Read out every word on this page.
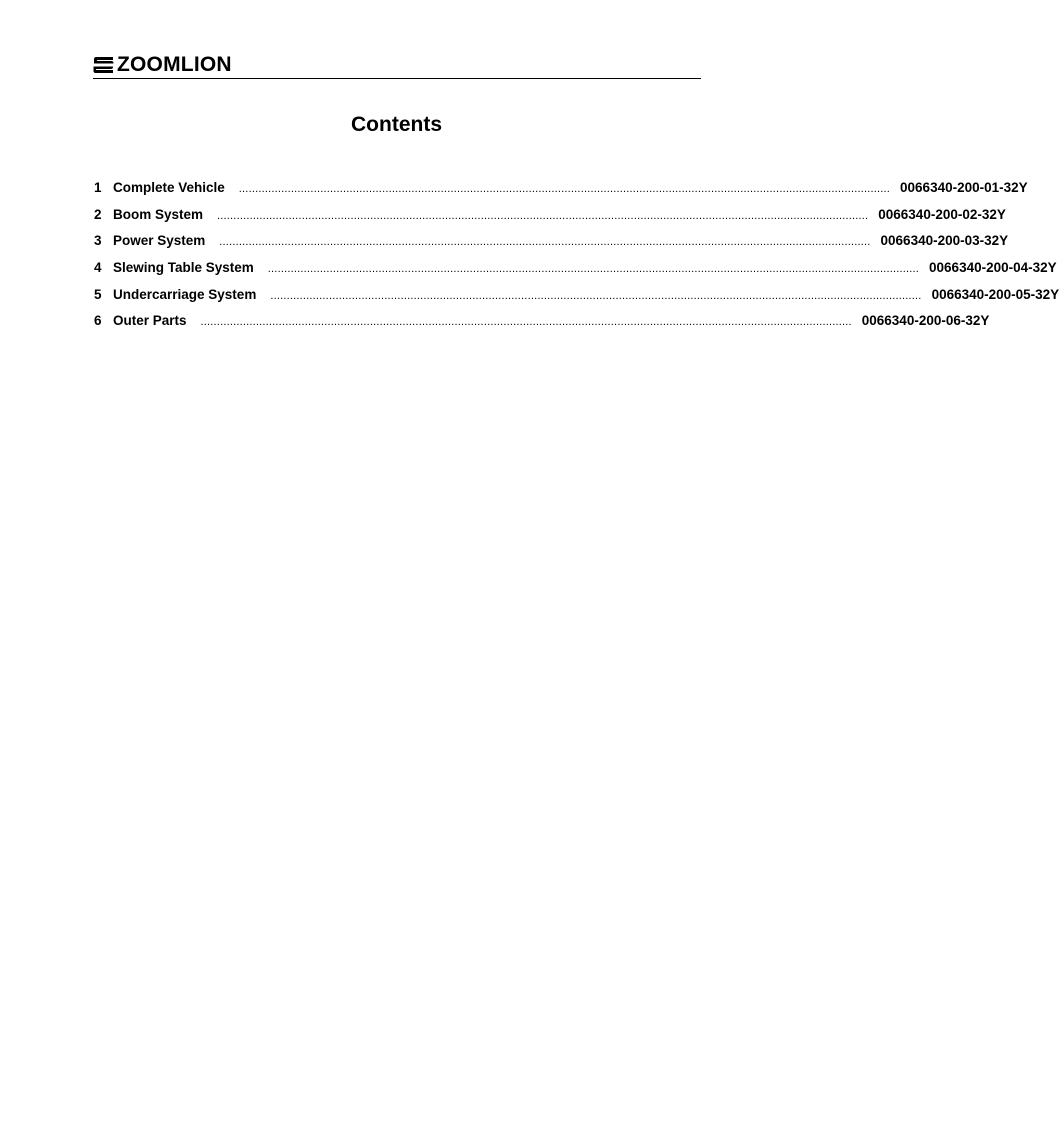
ZOOMLION
Contents
1 Complete Vehicle ........................................................................................................................................................................................................ 0066340-200-01-32Y
2 Boom System ........................................................................................................................................................................................................ 0066340-200-02-32Y
3 Power System ........................................................................................................................................................................................................ 0066340-200-03-32Y
4 Slewing Table System ........................................................................................................................................................................................................ 0066340-200-04-32Y
5 Undercarriage System ........................................................................................................................................................................................................ 0066340-200-05-32Y
6 Outer Parts ........................................................................................................................................................................................................ 0066340-200-06-32Y
